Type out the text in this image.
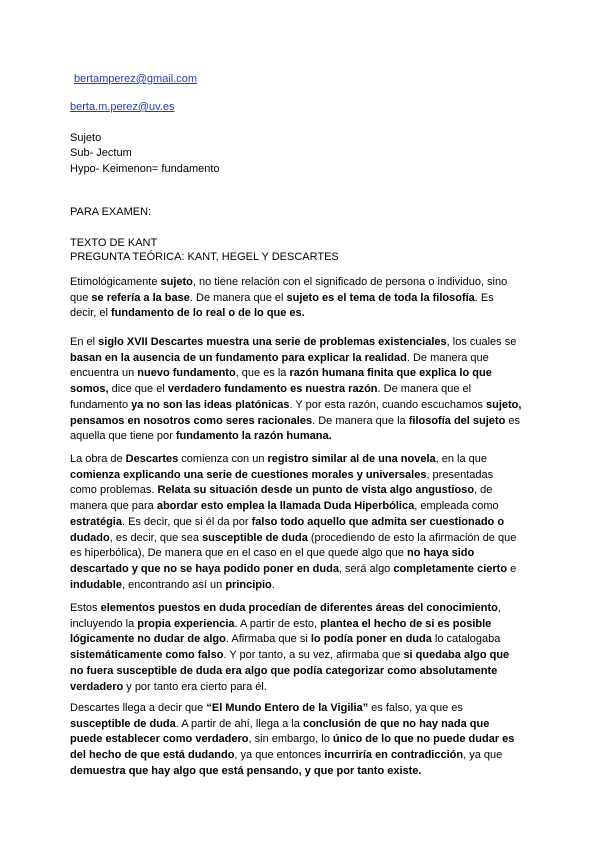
bertamperez@gmail.com
berta.m.perez@uv.es
Sujeto
Sub- Jectum
Hypo- Keimenon= fundamento
PARA EXAMEN:
TEXTO DE KANT
PREGUNTA TEÓRICA: KANT, HEGEL Y DESCARTES
Etimológicamente sujeto, no tiene relación con el significado de persona o individuo, sino
que se refería a la base. De manera que el sujeto es el tema de toda la filosofía. Es
decir, el fundamento de lo real o de lo que es.
En el siglo XVII Descartes muestra una serie de problemas existenciales, los cuales se
basan en la ausencia de un fundamento para explicar la realidad. De manera que
encuentra un nuevo fundamento, que es la razón humana finita que explica lo que
somos, dice que el verdadero fundamento es nuestra razón. De manera que el
fundamento ya no son las ideas platónicas. Y por esta razón, cuando escuchamos sujeto,
pensamos en nosotros como seres racionales. De manera que la filosofía del sujeto es
aquella que tiene por fundamento la razón humana.
La obra de Descartes comienza con un registro similar al de una novela, en la que
comienza explicando una serie de cuestiones morales y universales, presentadas
como problemas. Relata su situación desde un punto de vista algo angustioso, de
manera que para abordar esto emplea la llamada Duda Hiperbólica, empleada como
estratégia. Es decir, que si él da por falso todo aquello que admita ser cuestionado o
dudado, es decir, que sea susceptible de duda (procediendo de esto la afirmación de que
es hiperbólica), De manera que en el caso en el que quede algo que no haya sido
descartado y que no se haya podido poner en duda, será algo completamente cierto e
indudable, encontrando así un principio.
Estos elementos puestos en duda procedían de diferentes áreas del conocimiento,
incluyendo la propia experiencia. A partir de esto, plantea el hecho de si es posible
lógicamente no dudar de algo. Afirmaba que si lo podía poner en duda lo catalogaba
sistemáticamente como falso. Y por tanto, a su vez, afirmaba que si quedaba algo que
no fuera susceptible de duda era algo que podía categorizar como absolutamente
verdadero y por tanto era cierto para él.
Descartes llega a decir que “El Mundo Entero de la Vigilia” es falso, ya que es
susceptible de duda. A partir de ahí, llega a la conclusión de que no hay nada que
puede establecer como verdadero, sin embargo, lo único de lo que no puede dudar es
del hecho de que está dudando, ya que entonces incurriría en contradicción, ya que
demuestra que hay algo que está pensando, y que por tanto existe.
